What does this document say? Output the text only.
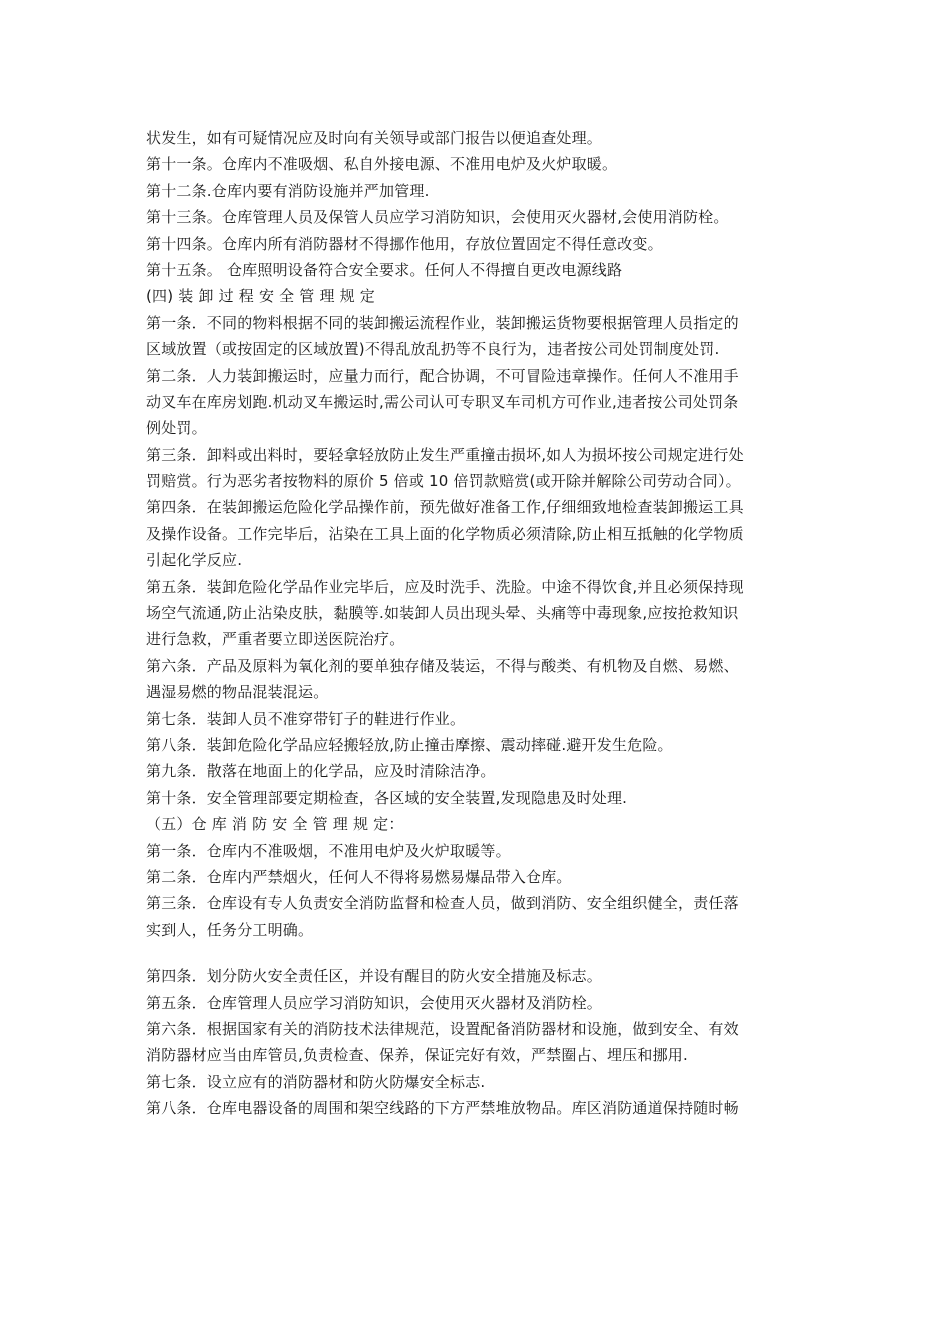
状发生，如有可疑情况应及时向有关领导或部门报告以便追查处理。
第十一条。仓库内不准吸烟、私自外接电源、不准用电炉及火炉取暖。
第十二条.仓库内要有消防设施并严加管理.
第十三条。仓库管理人员及保管人员应学习消防知识，会使用灭火器材,会使用消防栓。
第十四条。仓库内所有消防器材不得挪作他用，存放位置固定不得任意改变。
第十五条。 仓库照明设备符合安全要求。任何人不得擅自更改电源线路
(四) 装 卸 过 程 安 全 管 理 规 定
第一条．不同的物料根据不同的装卸搬运流程作业，装卸搬运货物要根据管理人员指定的
区域放置（或按固定的区域放置)不得乱放乱扔等不良行为，违者按公司处罚制度处罚.
第二条．人力装卸搬运时，应量力而行，配合协调，不可冒险违章操作。任何人不准用手
动叉车在库房划跑.机动叉车搬运时,需公司认可专职叉车司机方可作业,违者按公司处罚条
例处罚。
第三条．卸料或出料时，要轻拿轻放防止发生严重撞击损坏,如人为损坏按公司规定进行处
罚赔赏。行为恶劣者按物料的原价 5 倍或 10 倍罚款赔赏(或开除并解除公司劳动合同）。
第四条．在装卸搬运危险化学品操作前，预先做好准备工作,仔细细致地检查装卸搬运工具
及操作设备。工作完毕后，沾染在工具上面的化学物质必须清除,防止相互抵触的化学物质
引起化学反应.
第五条．装卸危险化学品作业完毕后，应及时洗手、洗脸。中途不得饮食,并且必须保持现
场空气流通,防止沾染皮肤，黏膜等.如装卸人员出现头晕、头痛等中毒现象,应按抢救知识
进行急救，严重者要立即送医院治疗。
第六条．产品及原料为氧化剂的要单独存储及装运，不得与酸类、有机物及自燃、易燃、
遇湿易燃的物品混装混运。
第七条．装卸人员不准穿带钉子的鞋进行作业。
第八条．装卸危险化学品应轻搬轻放,防止撞击摩擦、震动摔碰.避开发生危险。
第九条．散落在地面上的化学品，应及时清除洁净。
第十条．安全管理部要定期检查，各区域的安全装置,发现隐患及时处理.
（五）仓 库 消 防 安 全 管 理 规 定：
第一条．仓库内不准吸烟，不准用电炉及火炉取暖等。
第二条．仓库内严禁烟火，任何人不得将易燃易爆品带入仓库。
第三条．仓库设有专人负责安全消防监督和检查人员，做到消防、安全组织健全，责任落
实到人，任务分工明确。
第四条．划分防火安全责任区，并设有醒目的防火安全措施及标志。
第五条．仓库管理人员应学习消防知识，会使用灭火器材及消防栓。
第六条．根据国家有关的消防技术法律规范，设置配备消防器材和设施，做到安全、有效
消防器材应当由库管员,负责检查、保养，保证完好有效，严禁圈占、埋压和挪用.
第七条．设立应有的消防器材和防火防爆安全标志.
第八条．仓库电器设备的周围和架空线路的下方严禁堆放物品。库区消防通道保持随时畅
